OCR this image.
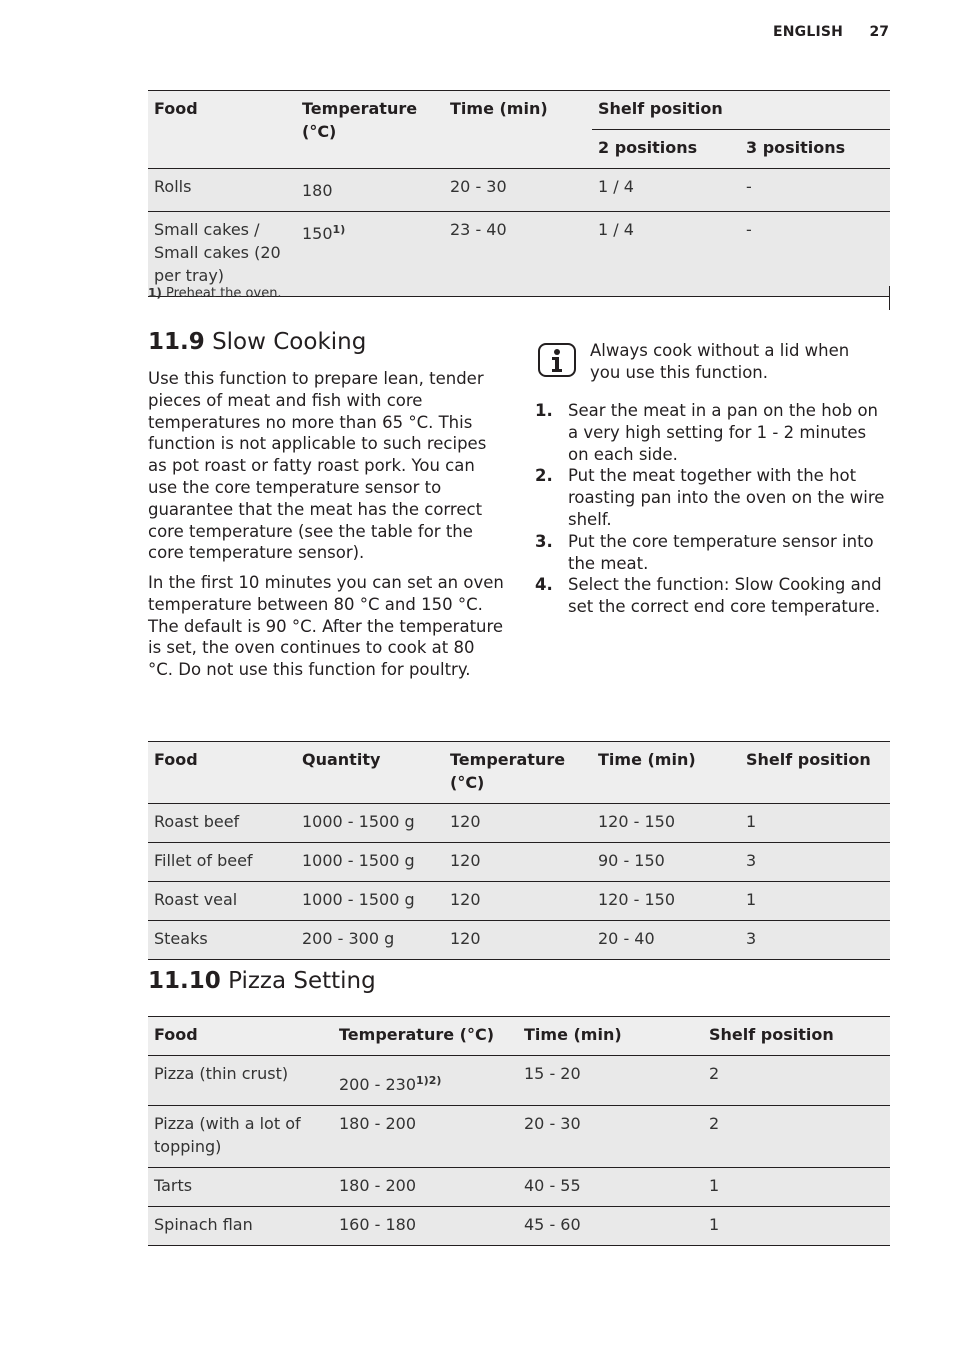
ENGLISH 27
Food	Temperature (°C)	Time (min)	Shelf position	
			2 positions	3 positions
Rolls	180	20 - 30	1 / 4	-
Small cakes / Small cakes (20 per tray)	150$^{1)}$	23 - 40	1 / 4	-
1) Preheat the oven.
11.9 Slow Cooking

Use this function to prepare lean, tender pieces of meat and fish with core temperatures no more than 65 °C. This function is not applicable to such recipes as pot roast or fatty roast pork. You can use the core temperature sensor to guarantee that the meat has the correct core temperature (see the table for the core temperature sensor).

In the first 10 minutes you can set an oven temperature between 80 °C and 150 °C. The default is 90 °C. After the temperature is set, the oven continues to cook at 80 °C. Do not use this function for poultry.

Always cook without a lid when you use this function.
1. Sear the meat in a pan on the hob on a very high setting for 1 - 2 minutes on each side.
2. Put the meat together with the hot roasting pan into the oven on the wire shelf.
3. Put the core temperature sensor into the meat.
4. Select the function: Slow Cooking and set the correct end core temperature.
Food	Quantity	Temperature (°C)	Time (min)	Shelf position
Roast beef	1000 - 1500 g	120	120 - 150	1
Fillet of beef	1000 - 1500 g	120	90 - 150	3
Roast veal	1000 - 1500 g	120	120 - 150	1
Steaks	200 - 300 g	120	20 - 40	3
11.10 Pizza Setting
Food	Temperature (°C)	Time (min)	Shelf position
Pizza (thin crust)	200 - 230$^{1)2)}$	15 - 20	2
Pizza (with a lot of topping)	180 - 200	20 - 30	2
Tarts	180 - 200	40 - 55	1
Spinach flan	160 - 180	45 - 60	1
